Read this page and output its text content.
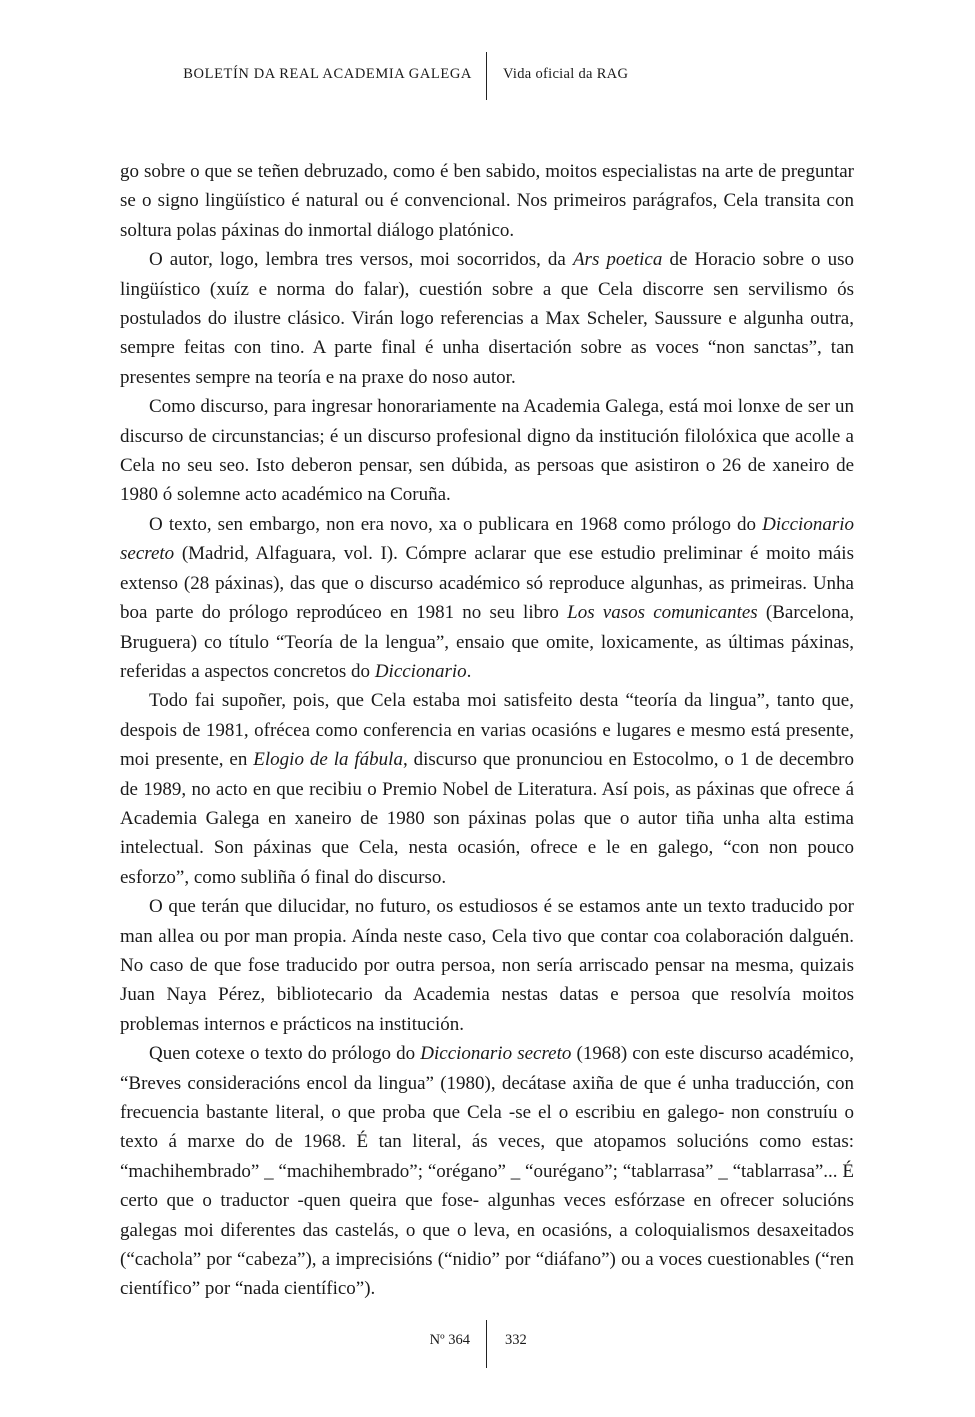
BOLETÍN DA REAL ACADEMIA GALEGA Vida oficial da RAG

go sobre o que se teñen debruzado, como é ben sabido, moitos especialistas na arte de preguntar se o signo lingüístico é natural ou é convencional. Nos primeiros parágrafos, Cela transita con soltura polas páxinas do inmortal diálogo platónico.

O autor, logo, lembra tres versos, moi socorridos, da Ars poetica de Horacio sobre o uso lingüístico (xuíz e norma do falar), cuestión sobre a que Cela discorre sen servilismo ós postulados do ilustre clásico. Virán logo referencias a Max Scheler, Saussure e algunha outra, sempre feitas con tino. A parte final é unha disertación sobre as voces “non sanctas”, tan presentes sempre na teoría e na praxe do noso autor.

Como discurso, para ingresar honorariamente na Academia Galega, está moi lonxe de ser un discurso de circunstancias; é un discurso profesional digno da institución filolóxica que acolle a Cela no seu seo. Isto deberon pensar, sen dúbida, as persoas que asistiron o 26 de xaneiro de 1980 ó solemne acto académico na Coruña.

O texto, sen embargo, non era novo, xa o publicara en 1968 como prólogo do Diccionario secreto (Madrid, Alfaguara, vol. I). Cómpre aclarar que ese estudio preliminar é moito máis extenso (28 páxinas), das que o discurso académico só reproduce algunhas, as primeiras. Unha boa parte do prólogo reprodúceo en 1981 no seu libro Los vasos comunicantes (Barcelona, Bruguera) co título “Teoría de la lengua”, ensaio que omite, loxicamente, as últimas páxinas, referidas a aspectos concretos do Diccionario.

Todo fai supoñer, pois, que Cela estaba moi satisfeito desta “teoría da lingua”, tanto que, despois de 1981, ofrécea como conferencia en varias ocasións e lugares e mesmo está presente, moi presente, en Elogio de la fábula, discurso que pronunciou en Estocolmo, o 1 de decembro de 1989, no acto en que recibiu o Premio Nobel de Literatura. Así pois, as páxinas que ofrece á Academia Galega en xaneiro de 1980 son páxinas polas que o autor tiña unha alta estima intelectual. Son páxinas que Cela, nesta ocasión, ofrece e le en galego, “con non pouco esforzo”, como subliña ó final do discurso.

O que terán que dilucidar, no futuro, os estudiosos é se estamos ante un texto traducido por man allea ou por man propia. Aínda neste caso, Cela tivo que contar coa colaboración dalguén. No caso de que fose traducido por outra persoa, non sería arriscado pensar na mesma, quizais Juan Naya Pérez, bibliotecario da Academia nestas datas e persoa que resolvía moitos problemas internos e prácticos na institución.

Quen cotexe o texto do prólogo do Diccionario secreto (1968) con este discurso académico, “Breves consideracións encol da lingua” (1980), decátase axiña de que é unha traducción, con frecuencia bastante literal, o que proba que Cela -se el o escribiu en galego- non construíu o texto á marxe do de 1968. É tan literal, ás veces, que atopamos solucións como estas: “machihembrado” _ “machihembrado”; “orégano” _ “ourégano”; “tablarrasa” _ “tablarrasa”... É certo que o traductor -quen queira que fose- algunhas veces esfórzase en ofrecer solucións galegas moi diferentes das castelás, o que o leva, en ocasións, a coloquialismos desaxeitados (“cachola” por “cabeza”), a imprecisións (“nidio” por “diáfano”) ou a voces cuestionables (“ren científico” por “nada científico”).

Nº 364 332
